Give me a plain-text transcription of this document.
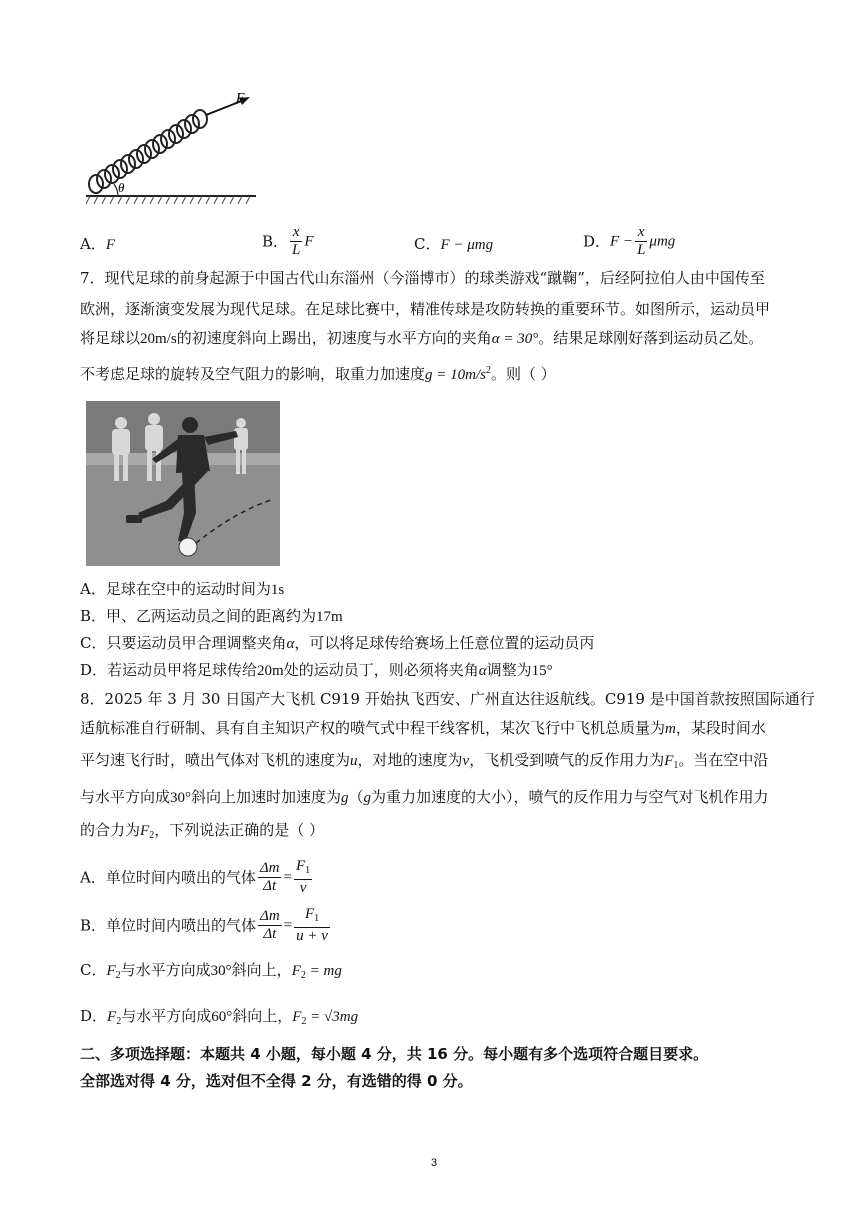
F
θ
A．F	B． $\frac{x}{L}$ F	C．F − μmg	D．$F - \frac{x}{L}$ μmg
7．现代足球的前身起源于中国古代山东淄州（今淄博市）的球类游戏“蹴鞠”，后经阿拉伯人由中国传至
欧洲，逐渐演变发展为现代足球。在足球比赛中，精准传球是攻防转换的重要环节。如图所示，运动员甲
将足球以20m/s的初速度斜向上踢出，初速度与水平方向的夹角α = 30°。结果足球刚好落到运动员乙处。
不考虑足球的旋转及空气阻力的影响，取重力加速度$g = 10m/s^2$。则（ ）
A．足球在空中的运动时间为1s
B．甲、乙两运动员之间的距离约为17m
C．只要运动员甲合理调整夹角α，可以将足球传给赛场上任意位置的运动员丙
D．若运动员甲将足球传给20m处的运动员丁，则必须将夹角α调整为15°
8．2025 年 3 月 30 日国产大飞机 C919 开始执飞西安、广州直达往返航线。C919 是中国首款按照国际通行
适航标准自行研制、具有自主知识产权的喷气式中程干线客机，某次飞行中飞机总质量为m，某段时间水
平匀速飞行时，喷出气体对飞机的速度为u，对地的速度为v，飞机受到喷气的反作用力为$F_1$。当在空中沿
与水平方向成30°斜向上加速时加速度为g（g为重力加速度的大小），喷气的反作用力与空气对飞机作用力
的合力为$F_2$，下列说法正确的是（ ）
A．单位时间内喷出的气体 $\frac{\Delta m}{\Delta t} = \frac{F_1}{v}$
B．单位时间内喷出的气体 $\frac{\Delta m}{\Delta t} = \frac{F_1}{u + v}$
C．$F_2$与水平方向成30°斜向上，$F_2$ = mg
D．$F_2$与水平方向成60°斜向上，$F_2 = √3mg$
二、多项选择题：本题共 4 小题，每小题 4 分，共 16 分。每小题有多个选项符合题目要求。
全部选对得 4 分，选对但不全得 2 分，有选错的得 0 分。
3
